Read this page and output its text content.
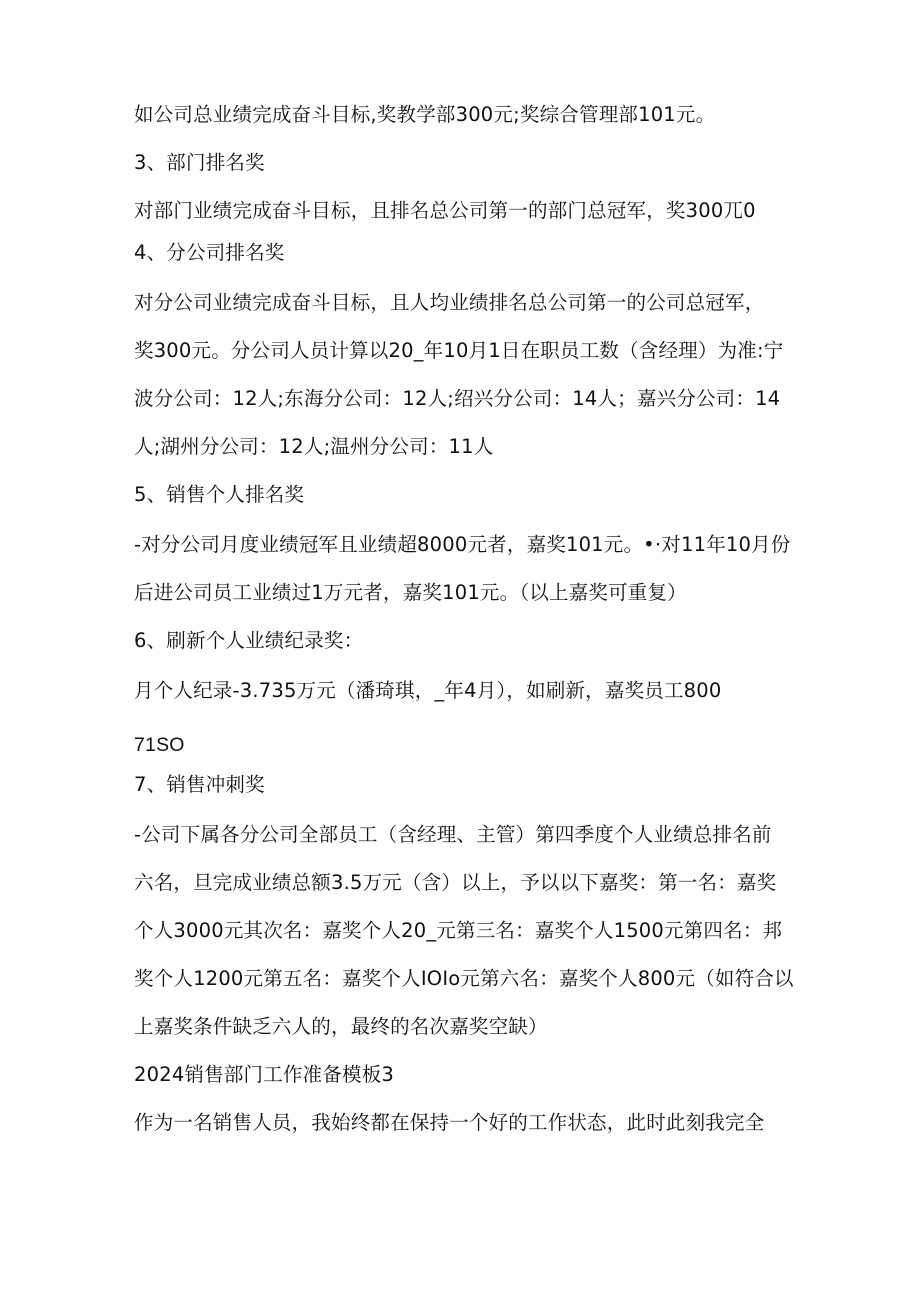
如公司总业绩完成奋斗目标,奖教学部300元;奖综合管理部101元。
3、部门排名奖
对部门业绩完成奋斗目标，且排名总公司第一的部门总冠军，奖300兀0
4、分公司排名奖
对分公司业绩完成奋斗目标，且人均业绩排名总公司第一的公司总冠军，
奖300元。分公司人员计算以20_年10月1日在职员工数（含经理）为准:宁
波分公司：12人;东海分公司：12人;绍兴分公司：14人；嘉兴分公司：14
人;湖州分公司：12人;温州分公司：11人
5、销售个人排名奖
-对分公司月度业绩冠军且业绩超8000元者，嘉奖101元。•·对11年10月份
后进公司员工业绩过1万元者，嘉奖101元。（以上嘉奖可重复）
6、刷新个人业绩纪录奖：
月个人纪录-3.735万元（潘琦琪，_年4月），如刷新，嘉奖员工800
71SO
7、销售冲刺奖
-公司下属各分公司全部员工（含经理、主管）第四季度个人业绩总排名前
六名，旦完成业绩总额3.5万元（含）以上，予以以下嘉奖：第一名：嘉奖
个人3000元其次名：嘉奖个人20_元第三名：嘉奖个人1500元第四名：邦
奖个人1200元第五名：嘉奖个人IOIo元第六名：嘉奖个人800元（如符合以
上嘉奖条件缺乏六人的，最终的名次嘉奖空缺）
2024销售部门工作准备模板3
作为一名销售人员，我始终都在保持一个好的工作状态，此时此刻我完全
